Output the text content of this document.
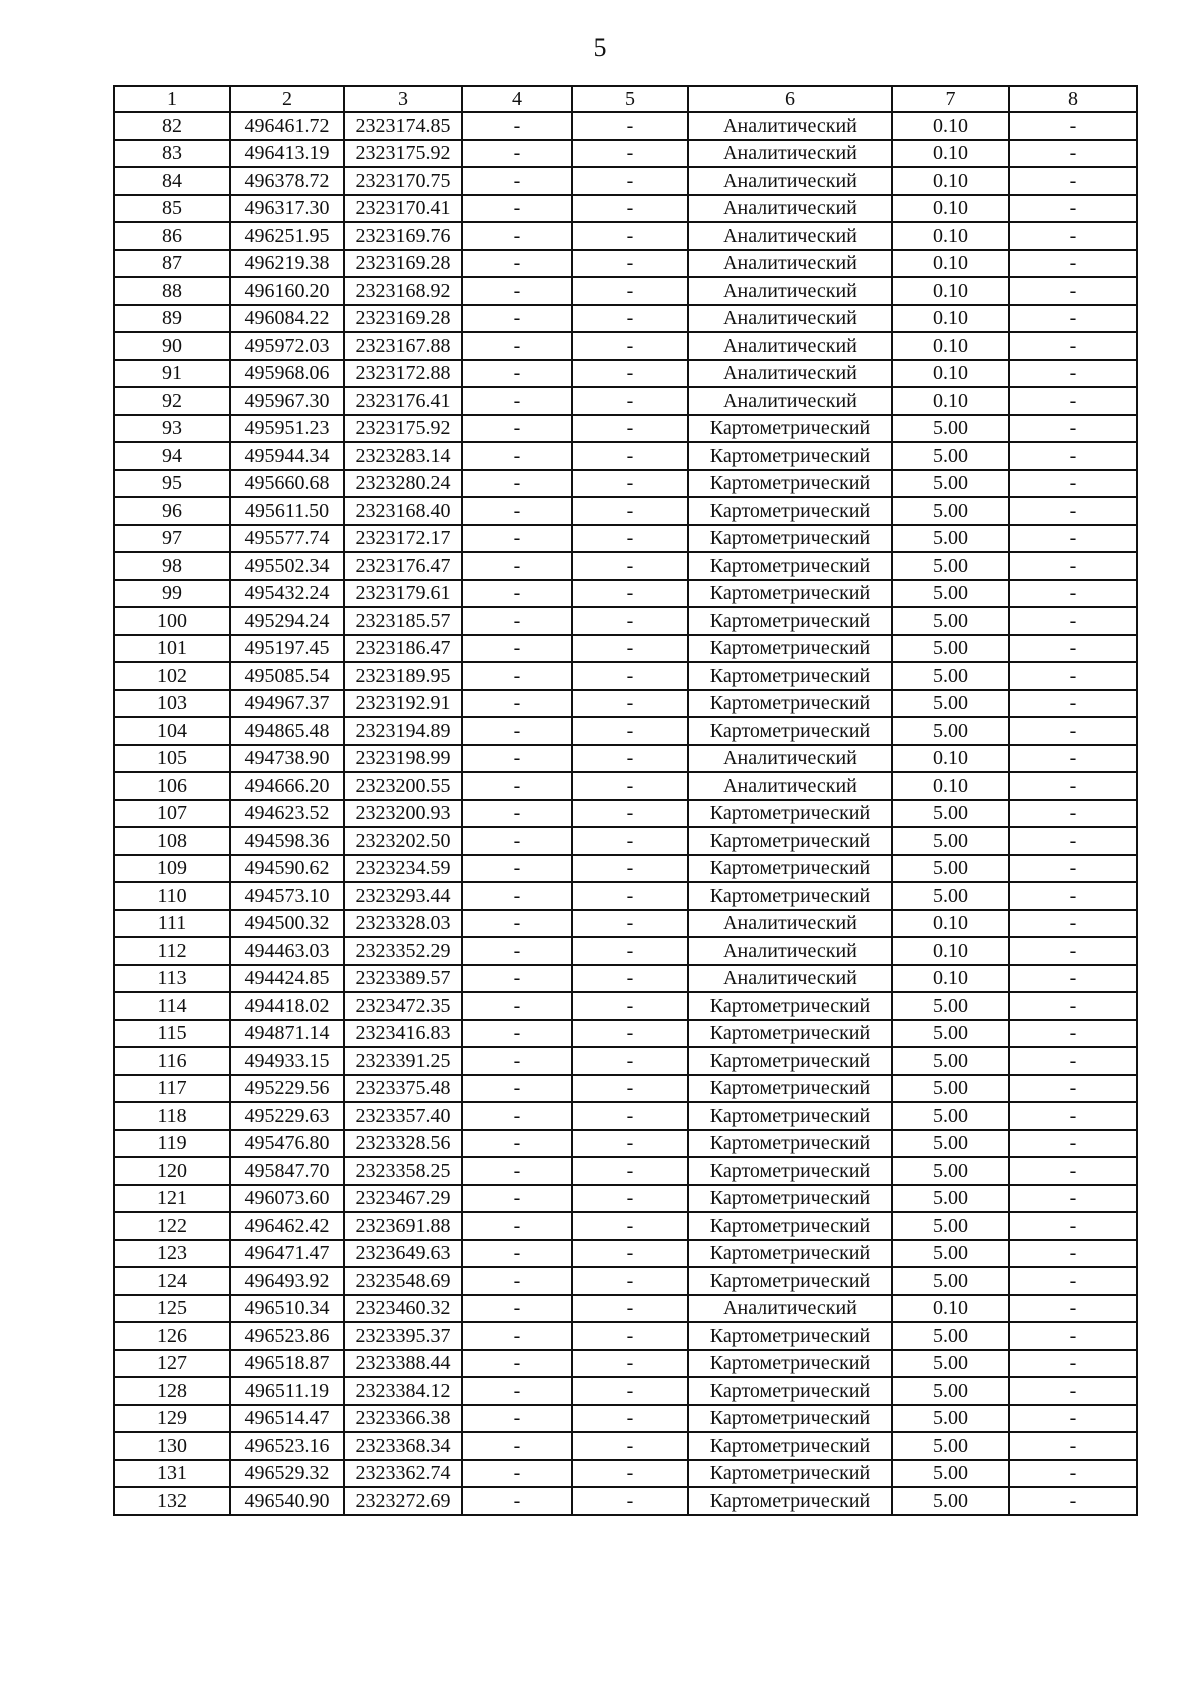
5
1	2	3	4	5	6	7	8
82	496461.72	2323174.85	-	-	Аналитический	0.10	-
83	496413.19	2323175.92	-	-	Аналитический	0.10	-
84	496378.72	2323170.75	-	-	Аналитический	0.10	-
85	496317.30	2323170.41	-	-	Аналитический	0.10	-
86	496251.95	2323169.76	-	-	Аналитический	0.10	-
87	496219.38	2323169.28	-	-	Аналитический	0.10	-
88	496160.20	2323168.92	-	-	Аналитический	0.10	-
89	496084.22	2323169.28	-	-	Аналитический	0.10	-
90	495972.03	2323167.88	-	-	Аналитический	0.10	-
91	495968.06	2323172.88	-	-	Аналитический	0.10	-
92	495967.30	2323176.41	-	-	Аналитический	0.10	-
93	495951.23	2323175.92	-	-	Картометрический	5.00	-
94	495944.34	2323283.14	-	-	Картометрический	5.00	-
95	495660.68	2323280.24	-	-	Картометрический	5.00	-
96	495611.50	2323168.40	-	-	Картометрический	5.00	-
97	495577.74	2323172.17	-	-	Картометрический	5.00	-
98	495502.34	2323176.47	-	-	Картометрический	5.00	-
99	495432.24	2323179.61	-	-	Картометрический	5.00	-
100	495294.24	2323185.57	-	-	Картометрический	5.00	-
101	495197.45	2323186.47	-	-	Картометрический	5.00	-
102	495085.54	2323189.95	-	-	Картометрический	5.00	-
103	494967.37	2323192.91	-	-	Картометрический	5.00	-
104	494865.48	2323194.89	-	-	Картометрический	5.00	-
105	494738.90	2323198.99	-	-	Аналитический	0.10	-
106	494666.20	2323200.55	-	-	Аналитический	0.10	-
107	494623.52	2323200.93	-	-	Картометрический	5.00	-
108	494598.36	2323202.50	-	-	Картометрический	5.00	-
109	494590.62	2323234.59	-	-	Картометрический	5.00	-
110	494573.10	2323293.44	-	-	Картометрический	5.00	-
111	494500.32	2323328.03	-	-	Аналитический	0.10	-
112	494463.03	2323352.29	-	-	Аналитический	0.10	-
113	494424.85	2323389.57	-	-	Аналитический	0.10	-
114	494418.02	2323472.35	-	-	Картометрический	5.00	-
115	494871.14	2323416.83	-	-	Картометрический	5.00	-
116	494933.15	2323391.25	-	-	Картометрический	5.00	-
117	495229.56	2323375.48	-	-	Картометрический	5.00	-
118	495229.63	2323357.40	-	-	Картометрический	5.00	-
119	495476.80	2323328.56	-	-	Картометрический	5.00	-
120	495847.70	2323358.25	-	-	Картометрический	5.00	-
121	496073.60	2323467.29	-	-	Картометрический	5.00	-
122	496462.42	2323691.88	-	-	Картометрический	5.00	-
123	496471.47	2323649.63	-	-	Картометрический	5.00	-
124	496493.92	2323548.69	-	-	Картометрический	5.00	-
125	496510.34	2323460.32	-	-	Аналитический	0.10	-
126	496523.86	2323395.37	-	-	Картометрический	5.00	-
127	496518.87	2323388.44	-	-	Картометрический	5.00	-
128	496511.19	2323384.12	-	-	Картометрический	5.00	-
129	496514.47	2323366.38	-	-	Картометрический	5.00	-
130	496523.16	2323368.34	-	-	Картометрический	5.00	-
131	496529.32	2323362.74	-	-	Картометрический	5.00	-
132	496540.90	2323272.69	-	-	Картометрический	5.00	-
